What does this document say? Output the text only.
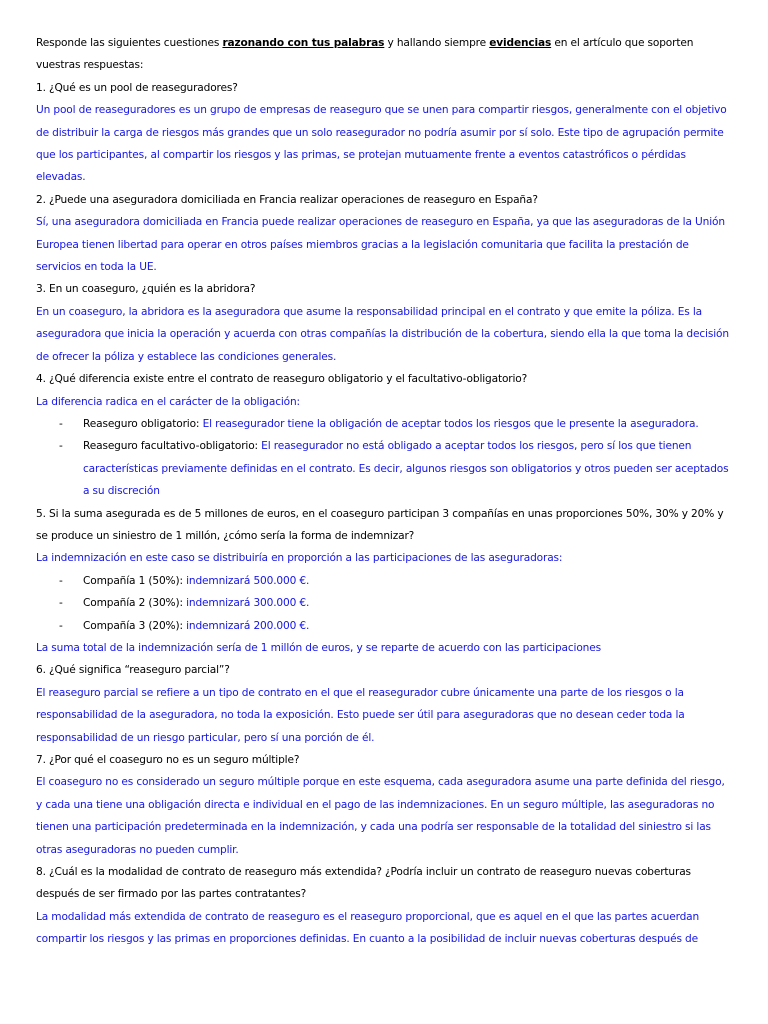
Responde las siguientes cuestiones razonando con tus palabras y hallando siempre evidencias en el artículo que soporten vuestras respuestas:

1. ¿Qué es un pool de reaseguradores?

Un pool de reaseguradores es un grupo de empresas de reaseguro que se unen para compartir riesgos, generalmente con el objetivo de distribuir la carga de riesgos más grandes que un solo reasegurador no podría asumir por sí solo. Este tipo de agrupación permite que los participantes, al compartir los riesgos y las primas, se protejan mutuamente frente a eventos catastróficos o pérdidas elevadas.

2. ¿Puede una aseguradora domiciliada en Francia realizar operaciones de reaseguro en España?

Sí, una aseguradora domiciliada en Francia puede realizar operaciones de reaseguro en España, ya que las aseguradoras de la Unión Europea tienen libertad para operar en otros países miembros gracias a la legislación comunitaria que facilita la prestación de servicios en toda la UE.

3. En un coaseguro, ¿quién es la abridora?

En un coaseguro, la abridora es la aseguradora que asume la responsabilidad principal en el contrato y que emite la póliza. Es la aseguradora que inicia la operación y acuerda con otras compañías la distribución de la cobertura, siendo ella la que toma la decisión de ofrecer la póliza y establece las condiciones generales.

4. ¿Qué diferencia existe entre el contrato de reaseguro obligatorio y el facultativo-obligatorio?

La diferencia radica en el carácter de la obligación:

- Reaseguro obligatorio: El reasegurador tiene la obligación de aceptar todos los riesgos que le presente la aseguradora.
- Reaseguro facultativo-obligatorio: El reasegurador no está obligado a aceptar todos los riesgos, pero sí los que tienen características previamente definidas en el contrato. Es decir, algunos riesgos son obligatorios y otros pueden ser aceptados a su discreción

5. Si la suma asegurada es de 5 millones de euros, en el coaseguro participan 3 compañías en unas proporciones 50%, 30% y 20% y se produce un siniestro de 1 millón, ¿cómo sería la forma de indemnizar?

La indemnización en este caso se distribuiría en proporción a las participaciones de las aseguradoras:

- Compañía 1 (50%): indemnizará 500.000 €.
- Compañía 2 (30%): indemnizará 300.000 €.
- Compañía 3 (20%): indemnizará 200.000 €.

La suma total de la indemnización sería de 1 millón de euros, y se reparte de acuerdo con las participaciones

6. ¿Qué significa “reaseguro parcial”?

El reaseguro parcial se refiere a un tipo de contrato en el que el reasegurador cubre únicamente una parte de los riesgos o la responsabilidad de la aseguradora, no toda la exposición. Esto puede ser útil para aseguradoras que no desean ceder toda la responsabilidad de un riesgo particular, pero sí una porción de él.

7. ¿Por qué el coaseguro no es un seguro múltiple?

El coaseguro no es considerado un seguro múltiple porque en este esquema, cada aseguradora asume una parte definida del riesgo, y cada una tiene una obligación directa e individual en el pago de las indemnizaciones. En un seguro múltiple, las aseguradoras no tienen una participación predeterminada en la indemnización, y cada una podría ser responsable de la totalidad del siniestro si las otras aseguradoras no pueden cumplir.

8. ¿Cuál es la modalidad de contrato de reaseguro más extendida? ¿Podría incluir un contrato de reaseguro nuevas coberturas después de ser firmado por las partes contratantes?

La modalidad más extendida de contrato de reaseguro es el reaseguro proporcional, que es aquel en el que las partes acuerdan compartir los riesgos y las primas en proporciones definidas. En cuanto a la posibilidad de incluir nuevas coberturas después de
